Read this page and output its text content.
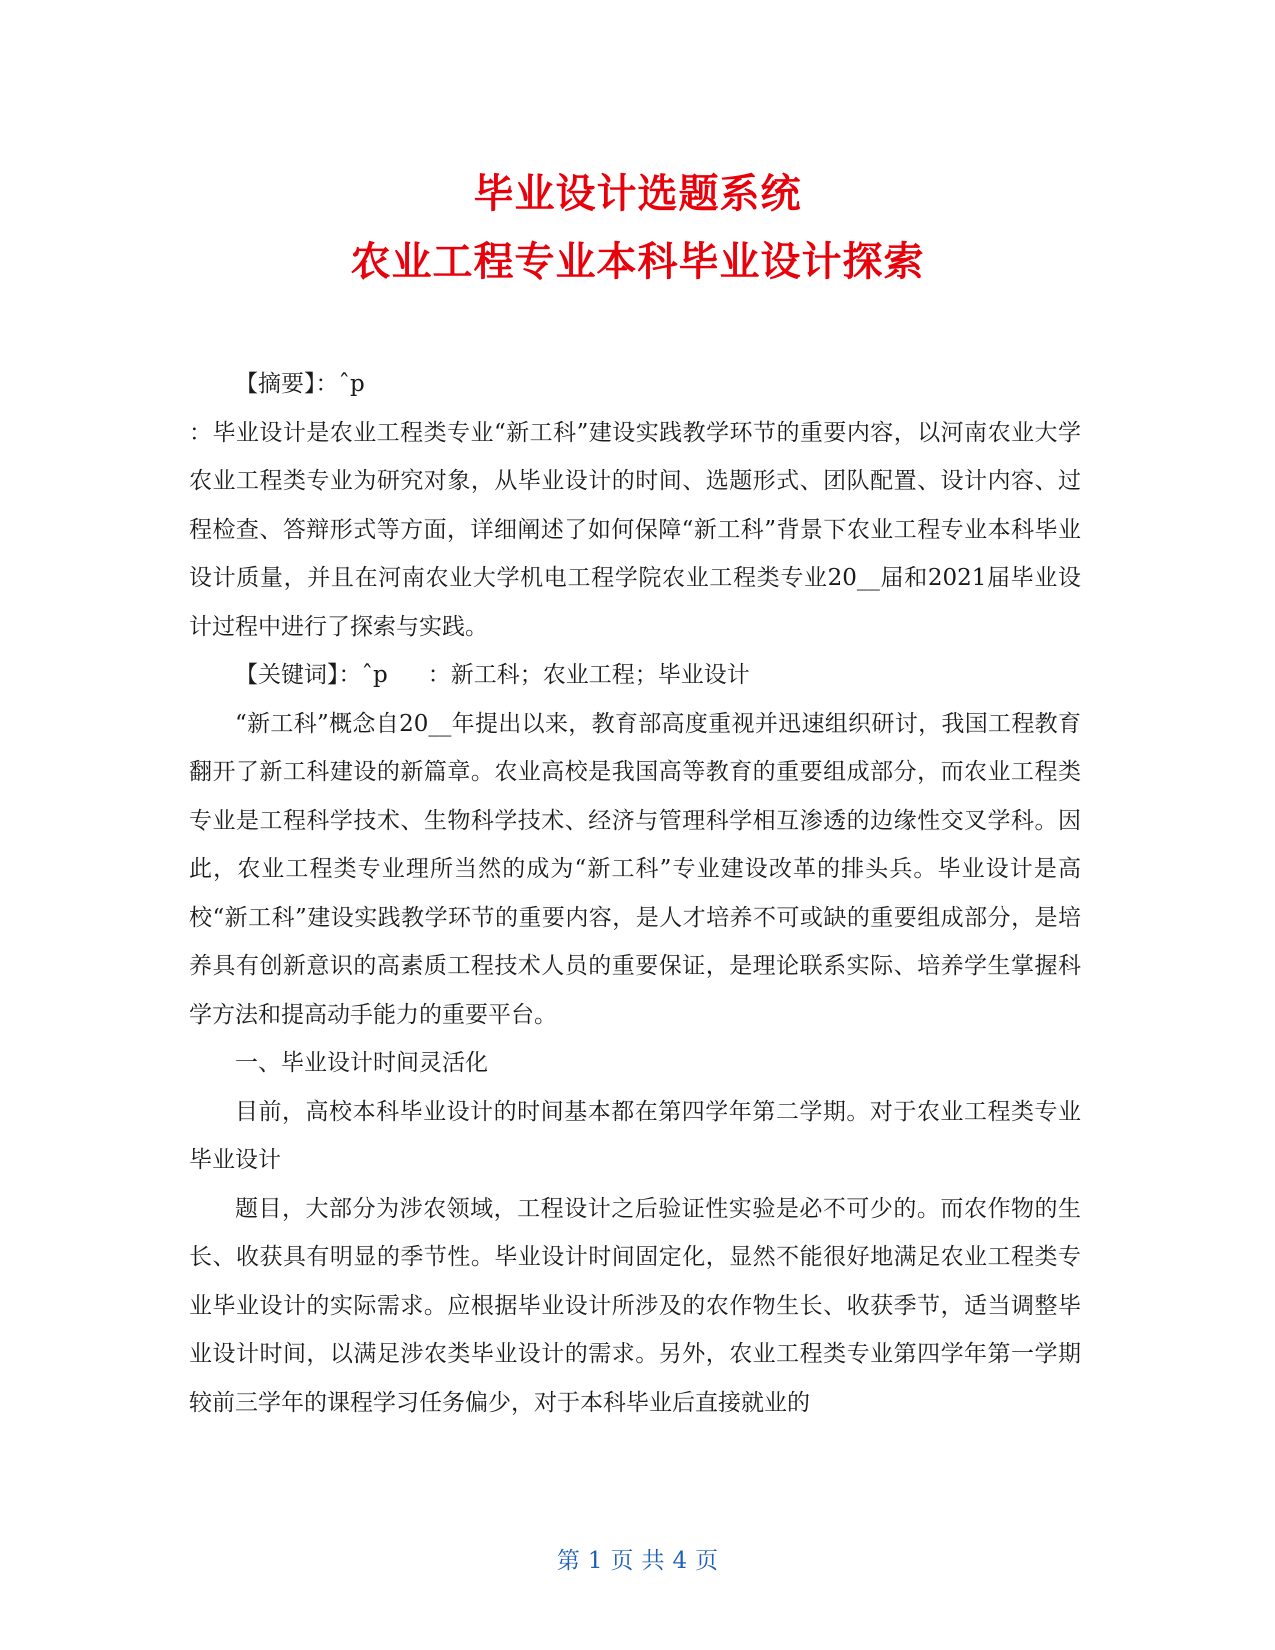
毕业设计选题系统
农业工程专业本科毕业设计探索

【摘要】：ˆp

：毕业设计是农业工程类专业“新工科”建设实践教学环节的重要内容，以河南农业大学农业工程类专业为研究对象，从毕业设计的时间、选题形式、团队配置、设计内容、过程检查、答辩形式等方面，详细阐述了如何保障“新工科”背景下农业工程专业本科毕业设计质量，并且在河南农业大学机电工程学院农业工程类专业20__届和2021届毕业设计过程中进行了探索与实践。

【关键词】：ˆp ：新工科；农业工程；毕业设计

“新工科”概念自20__年提出以来，教育部高度重视并迅速组织研讨，我国工程教育翻开了新工科建设的新篇章。农业高校是我国高等教育的重要组成部分，而农业工程类专业是工程科学技术、生物科学技术、经济与管理科学相互渗透的边缘性交叉学科。因此，农业工程类专业理所当然的成为“新工科”专业建设改革的排头兵。毕业设计是高校“新工科”建设实践教学环节的重要内容，是人才培养不可或缺的重要组成部分，是培养具有创新意识的高素质工程技术人员的重要保证，是理论联系实际、培养学生掌握科学方法和提高动手能力的重要平台。

一、毕业设计时间灵活化

目前，高校本科毕业设计的时间基本都在第四学年第二学期。对于农业工程类专业毕业设计

题目，大部分为涉农领域，工程设计之后验证性实验是必不可少的。而农作物的生长、收获具有明显的季节性。毕业设计时间固定化，显然不能很好地满足农业工程类专业毕业设计的实际需求。应根据毕业设计所涉及的农作物生长、收获季节，适当调整毕业设计时间，以满足涉农类毕业设计的需求。另外，农业工程类专业第四学年第一学期较前三学年的课程学习任务偏少，对于本科毕业后直接就业的

第 1 页 共 4 页
